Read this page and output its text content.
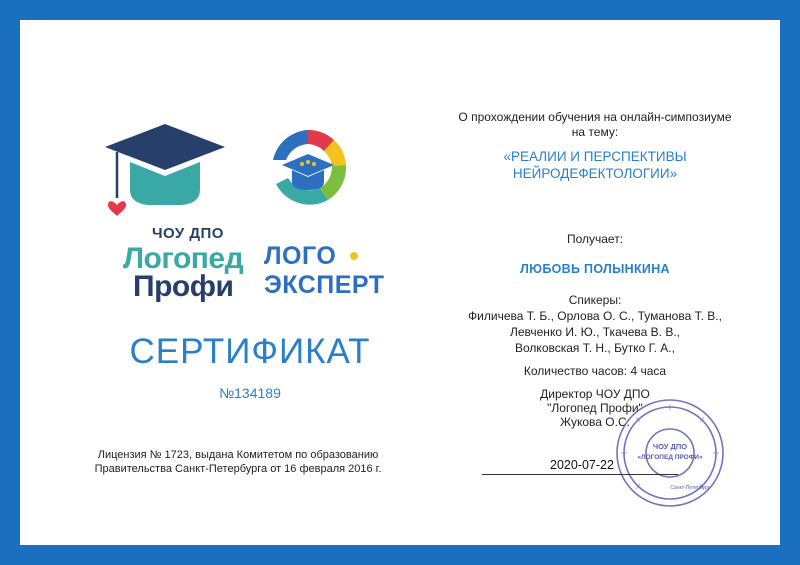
ЧОУ ДПО
Логопед
Профи
ЛОГО
ЭКСПЕРТ
СЕРТИФИКАТ
№134189
Лицензия № 1723, выдана Комитетом по образованию
Правительства Санкт-Петербурга от 16 февраля 2016 г.
О прохождении обучения на онлайн-симпозиуме
на тему:
«РЕАЛИИ И ПЕРСПЕКТИВЫ
НЕЙРОДЕФЕКТОЛОГИИ»
Получает:
ЛЮБОВЬ ПОЛЫНКИНА
Спикеры:
Филичева Т. Б., Орлова О. С., Туманова Т. В.,
Левченко И. Ю., Ткачева В. В.,
Волковская Т. Н., Бутко Г. А.,
Количество часов: 4 часа
Директор ЧОУ ДПО
"Логопед Профи"
Жукова О.С.
ЧОУ ДПО
«ЛОГОПЕД ПРОФИ»
Санкт-Петербург
2020-07-22
